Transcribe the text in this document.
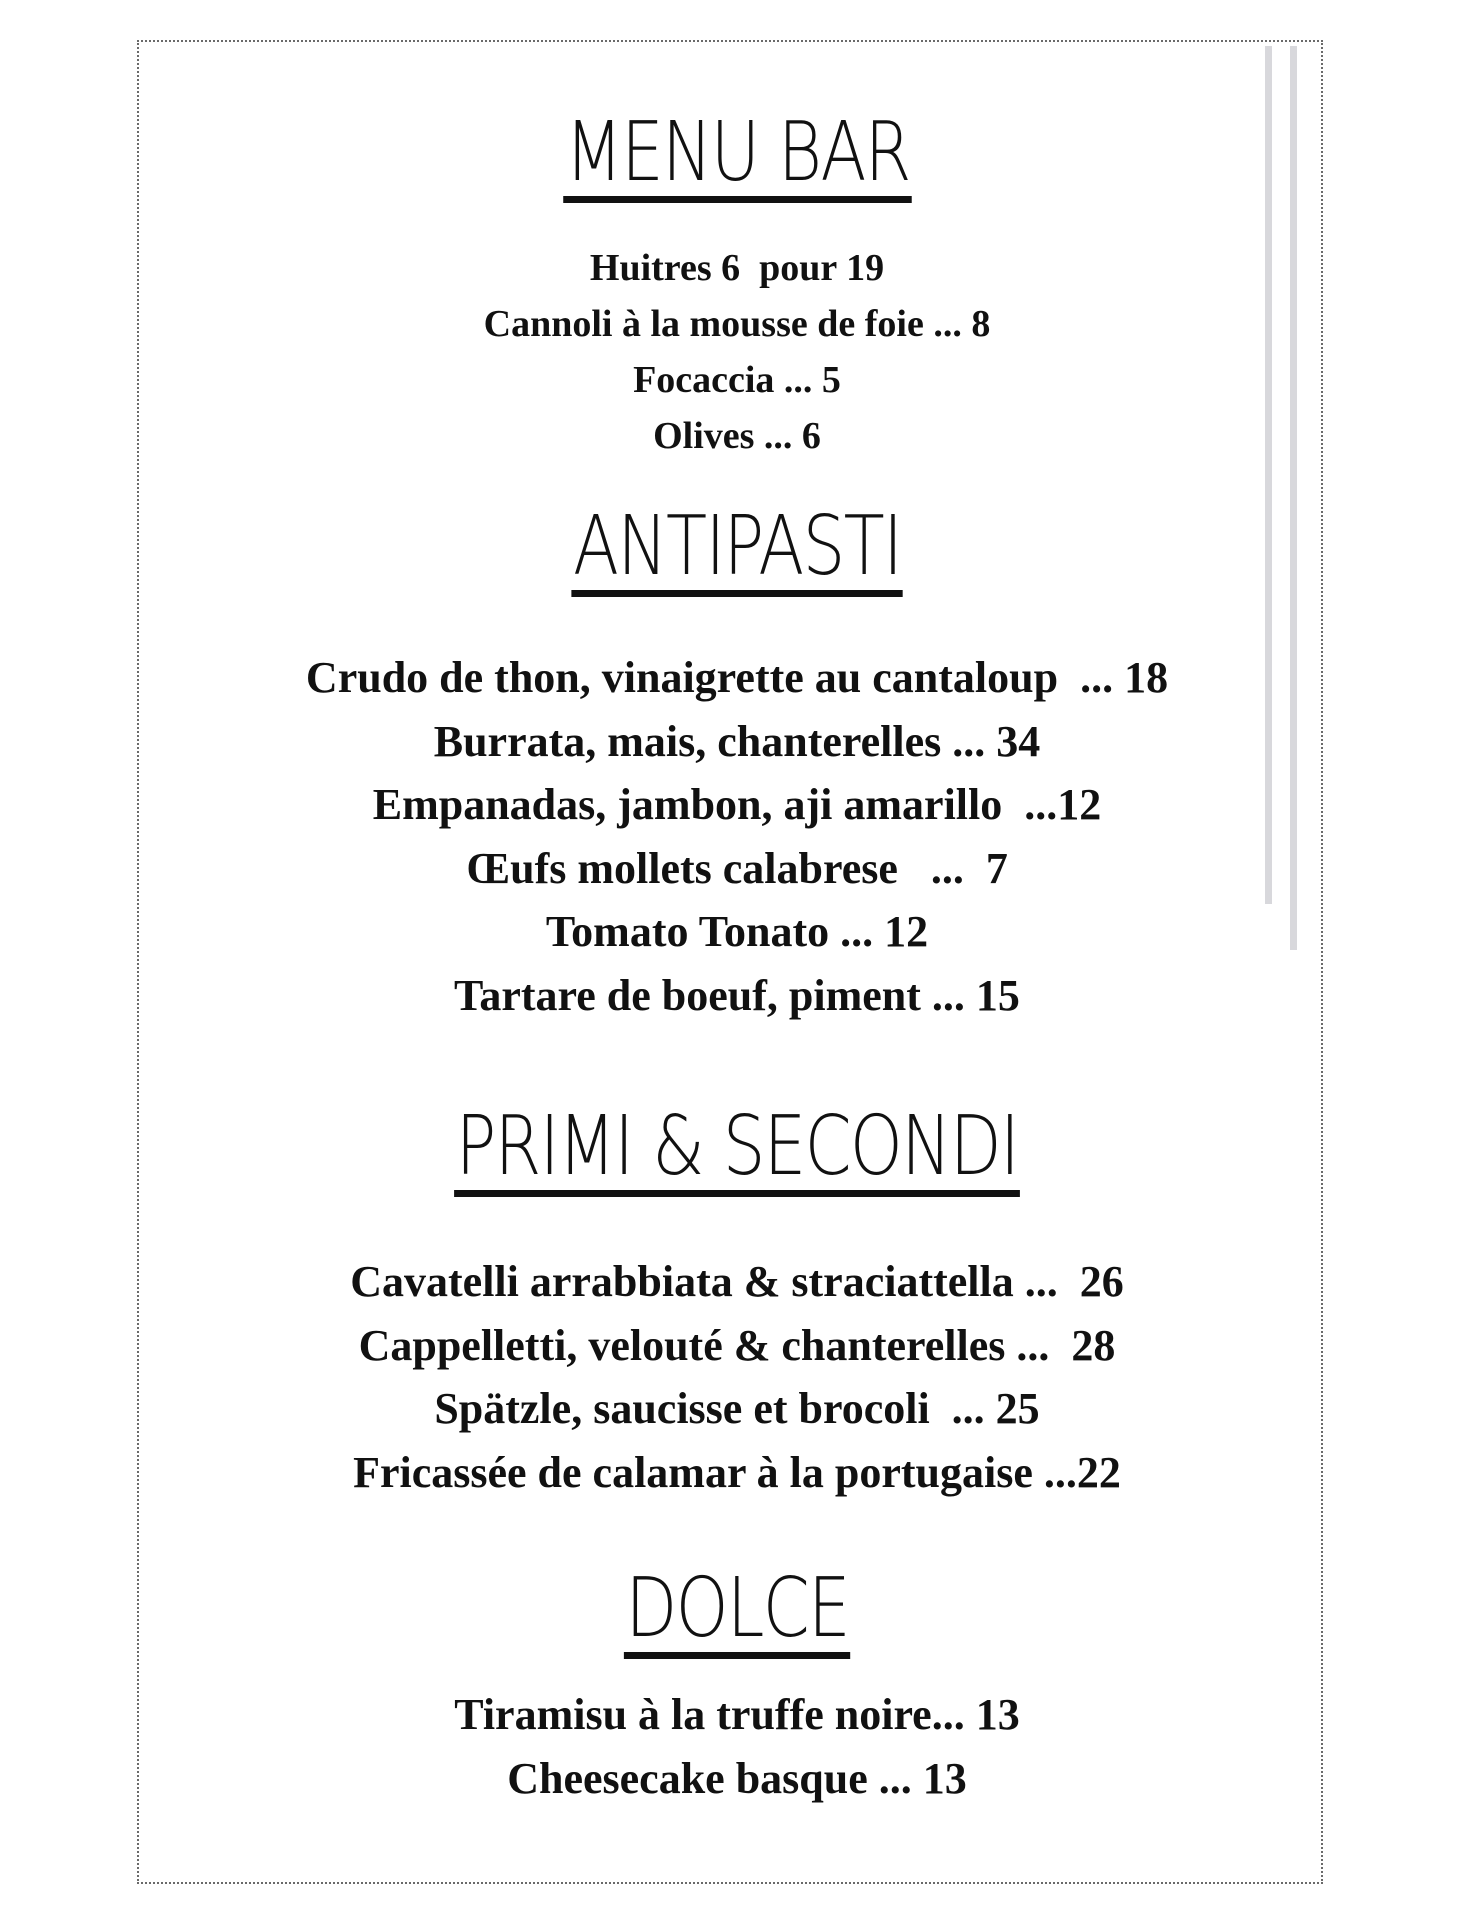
MENU BAR
Huitres 6  pour 19
Cannoli à la mousse de foie ... 8
Focaccia ... 5
Olives ... 6
ANTIPASTI
Crudo de thon, vinaigrette au cantaloup  ... 18
Burrata, mais, chanterelles ... 34
Empanadas, jambon, aji amarillo  ...12
Œufs mollets calabrese   ...  7
Tomato Tonato ... 12
Tartare de boeuf, piment ... 15
PRIMI & SECONDI
Cavatelli arrabbiata & straciattella ...  26
Cappelletti, velouté & chanterelles ...  28
Spätzle, saucisse et brocoli  ... 25
Fricassée de calamar à la portugaise ...22
DOLCE
Tiramisu à la truffe noire... 13
Cheesecake basque ... 13
